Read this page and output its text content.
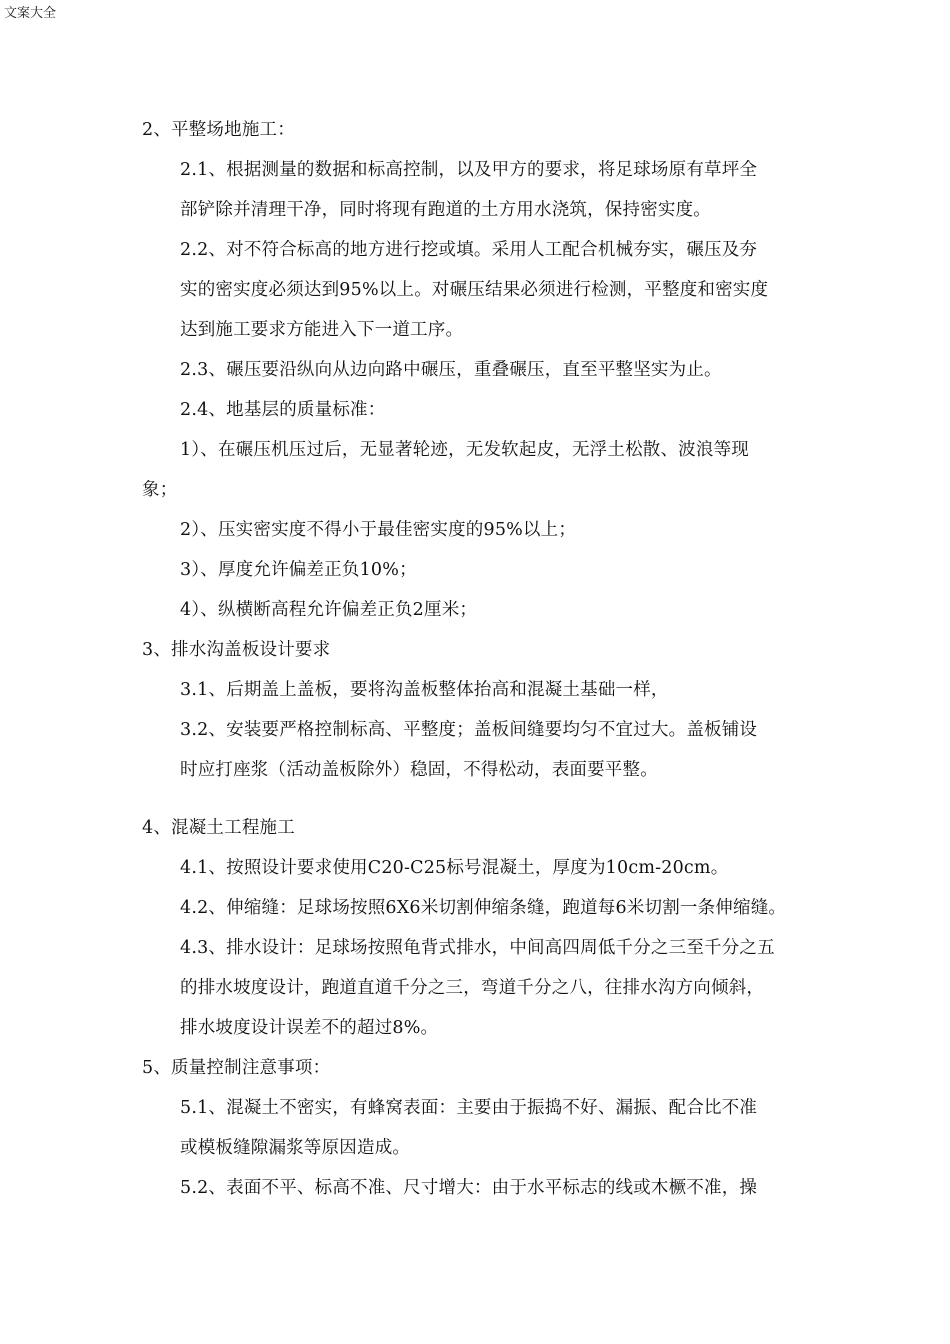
文案大全
2、平整场地施工：
2.1、根据测量的数据和标高控制，以及甲方的要求，将足球场原有草坪全
部铲除并清理干净，同时将现有跑道的土方用水浇筑，保持密实度。
2.2、对不符合标高的地方进行挖或填。采用人工配合机械夯实，碾压及夯
实的密实度必须达到95%以上。对碾压结果必须进行检测，平整度和密实度
达到施工要求方能进入下一道工序。
2.3、碾压要沿纵向从边向路中碾压，重叠碾压，直至平整坚实为止。
2.4、地基层的质量标准：
1）、在碾压机压过后，无显著轮迹，无发软起皮，无浮土松散、波浪等现
象；
2）、压实密实度不得小于最佳密实度的95%以上；
3）、厚度允许偏差正负10%；
4）、纵横断高程允许偏差正负2厘米；
3、排水沟盖板设计要求
3.1、后期盖上盖板，要将沟盖板整体抬高和混凝土基础一样，
3.2、安装要严格控制标高、平整度；盖板间缝要均匀不宜过大。盖板铺设
时应打座浆（活动盖板除外）稳固，不得松动，表面要平整。
4、混凝土工程施工
4.1、按照设计要求使用C20-C25标号混凝土，厚度为10cm-20cm。
4.2、伸缩缝：足球场按照6X6米切割伸缩条缝，跑道每6米切割一条伸缩缝。
4.3、排水设计：足球场按照龟背式排水，中间高四周低千分之三至千分之五
的排水坡度设计，跑道直道千分之三，弯道千分之八，往排水沟方向倾斜，
排水坡度设计误差不的超过8%。
5、质量控制注意事项：
5.1、混凝土不密实，有蜂窝表面：主要由于振捣不好、漏振、配合比不准
或模板缝隙漏浆等原因造成。
5.2、表面不平、标高不准、尺寸增大：由于水平标志的线或木橛不准，操
